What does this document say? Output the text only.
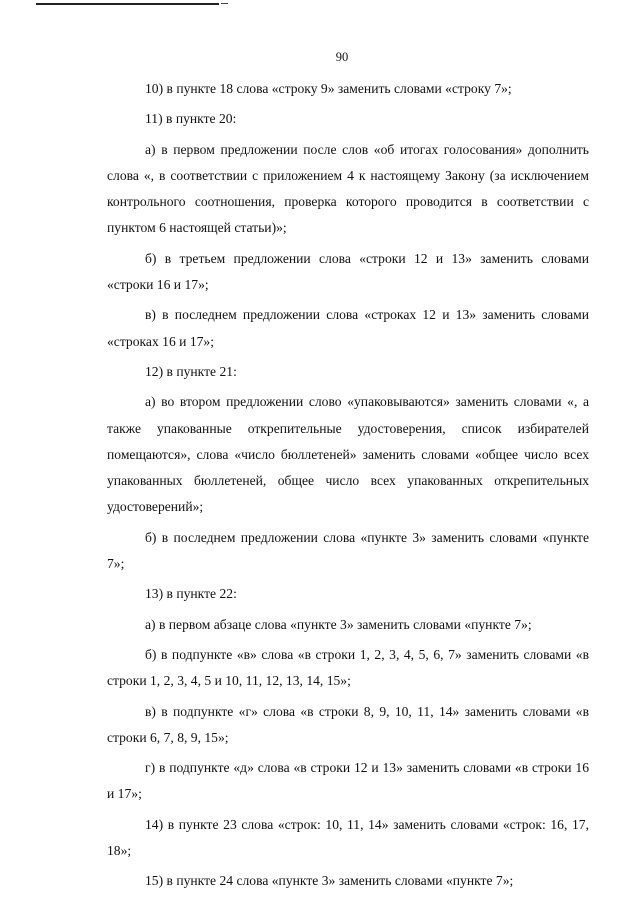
90

10) в пункте 18 слова «строку 9» заменить словами «строку 7»;

11) в пункте 20:

а) в первом предложении после слов «об итогах голосования» дополнить слова «, в соответствии с приложением 4 к настоящему Закону (за исключением контрольного соотношения, проверка которого проводится в соответствии с пунктом 6 настоящей статьи)»;

б) в третьем предложении слова «строки 12 и 13» заменить словами «строки 16 и 17»;

в) в последнем предложении слова «строках 12 и 13» заменить словами «строках 16 и 17»;

12) в пункте 21:

а) во втором предложении слово «упаковываются» заменить словами «, а также упакованные открепительные удостоверения, список избирателей помещаются», слова «число бюллетеней» заменить словами «общее число всех упакованных бюллетеней, общее число всех упакованных открепительных удостоверений»;

б) в последнем предложении слова «пункте 3» заменить словами «пункте 7»;

13) в пункте 22:

а) в первом абзаце слова «пункте 3» заменить словами «пункте 7»;

б) в подпункте «в» слова «в строки 1, 2, 3, 4, 5, 6, 7» заменить словами «в строки 1, 2, 3, 4, 5 и 10, 11, 12, 13, 14, 15»;

в) в подпункте «г» слова «в строки 8, 9, 10, 11, 14» заменить словами «в строки 6, 7, 8, 9, 15»;

г) в подпункте «д» слова «в строки 12 и 13» заменить словами «в строки 16 и 17»;

14) в пункте 23 слова «строк: 10, 11, 14» заменить словами «строк: 16, 17, 18»;

15) в пункте 24 слова «пункте 3» заменить словами «пункте 7»;
